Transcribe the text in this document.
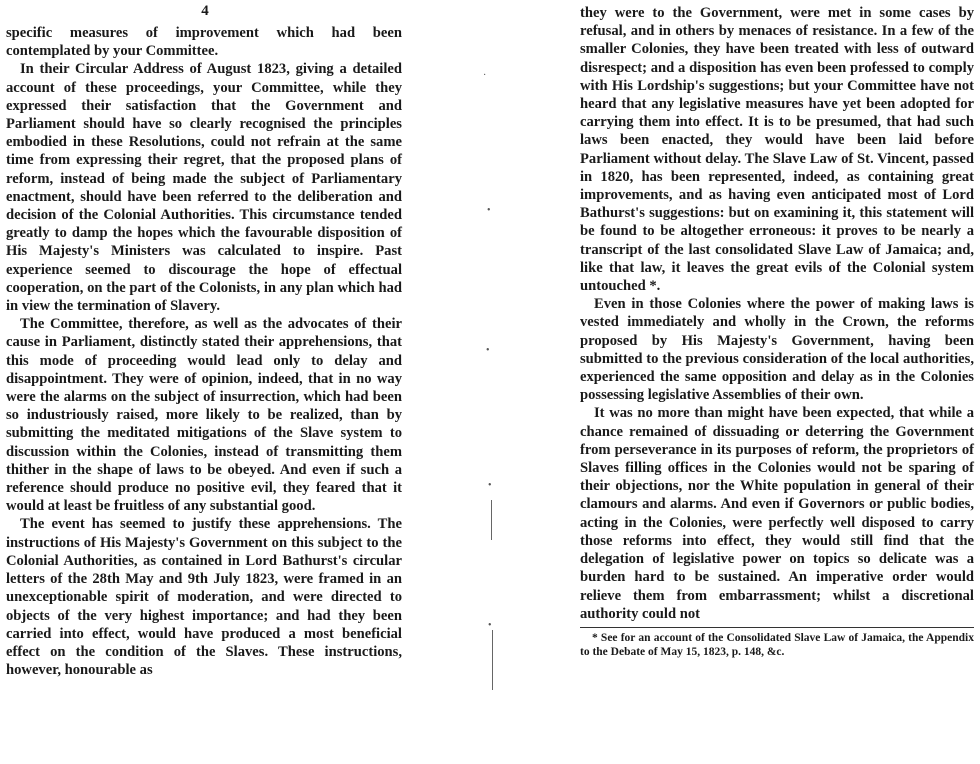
4

specific measures of improvement which had been contemplated by your Committee.

In their Circular Address of August 1823, giving a detailed account of these proceedings, your Committee, while they expressed their satisfaction that the Government and Parliament should have so clearly recognised the principles embodied in these Resolutions, could not refrain at the same time from expressing their regret, that the proposed plans of reform, instead of being made the subject of Parliamentary enactment, should have been referred to the deliberation and decision of the Colonial Authorities. This circumstance tended greatly to damp the hopes which the favourable disposition of His Majesty's Ministers was calculated to inspire. Past experience seemed to discourage the hope of effectual cooperation, on the part of the Colonists, in any plan which had in view the termination of Slavery.

The Committee, therefore, as well as the advocates of their cause in Parliament, distinctly stated their apprehensions, that this mode of proceeding would lead only to delay and disappointment. They were of opinion, indeed, that in no way were the alarms on the subject of insurrection, which had been so industriously raised, more likely to be realized, than by submitting the meditated mitigations of the Slave system to discussion within the Colonies, instead of transmitting them thither in the shape of laws to be obeyed. And even if such a reference should produce no positive evil, they feared that it would at least be fruitless of any substantial good.

The event has seemed to justify these apprehensions. The instructions of His Majesty's Government on this subject to the Colonial Authorities, as contained in Lord Bathurst's circular letters of the 28th May and 9th July 1823, were framed in an unexceptionable spirit of moderation, and were directed to objects of the very highest importance; and had they been carried into effect, would have produced a most beneficial effect on the condition of the Slaves. These instructions, however, honourable as

·
•
•
•
•

they were to the Government, were met in some cases by refusal, and in others by menaces of resistance. In a few of the smaller Colonies, they have been treated with less of outward disrespect; and a disposition has even been professed to comply with His Lordship's suggestions; but your Committee have not heard that any legislative measures have yet been adopted for carrying them into effect. It is to be presumed, that had such laws been enacted, they would have been laid before Parliament without delay. The Slave Law of St. Vincent, passed in 1820, has been represented, indeed, as containing great improvements, and as having even anticipated most of Lord Bathurst's suggestions: but on examining it, this statement will be found to be altogether erroneous: it proves to be nearly a transcript of the last consolidated Slave Law of Jamaica; and, like that law, it leaves the great evils of the Colonial system untouched *.

Even in those Colonies where the power of making laws is vested immediately and wholly in the Crown, the reforms proposed by His Majesty's Government, having been submitted to the previous consideration of the local authorities, experienced the same opposition and delay as in the Colonies possessing legislative Assemblies of their own.

It was no more than might have been expected, that while a chance remained of dissuading or deterring the Government from perseverance in its purposes of reform, the proprietors of Slaves filling offices in the Colonies would not be sparing of their objections, nor the White population in general of their clamours and alarms. And even if Governors or public bodies, acting in the Colonies, were perfectly well disposed to carry those reforms into effect, they would still find that the delegation of legislative power on topics so delicate was a burden hard to be sustained. An imperative order would relieve them from embarrassment; whilst a discretional authority could not

* See for an account of the Consolidated Slave Law of Jamaica, the Appendix to the Debate of May 15, 1823, p. 148, &c.
